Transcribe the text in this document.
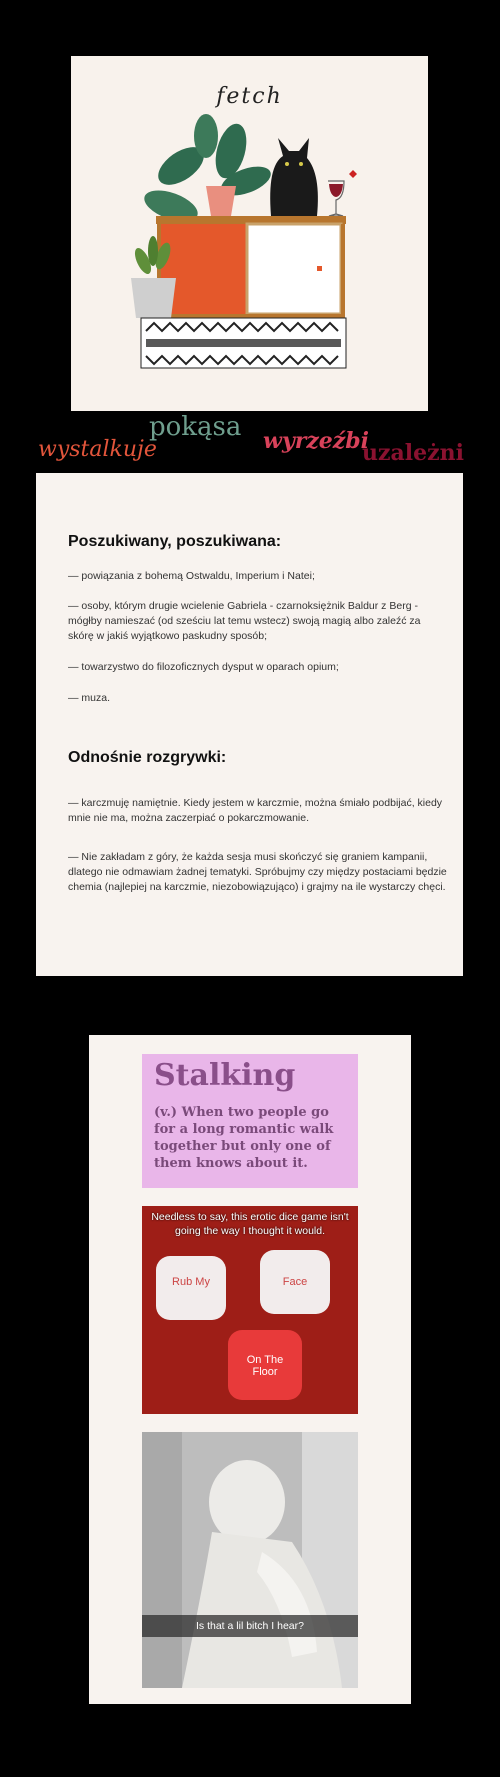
fetch
wystalkuje
pokąsa wyrzeźbi
uzależni
Poszukiwany, poszukiwana:
— powiązania z bohemą Ostwaldu, Imperium i Natei;
— osoby, którym drugie wcielenie Gabriela - czarnoksiężnik Baldur z Berg - mógłby namieszać (od sześciu lat temu wstecz) swoją magią albo zaleźć za skórę w jakiś wyjątkowo paskudny sposób;
— towarzystwo do filozoficznych dysput w oparach opium;
— muza.
Odnośnie rozgrywki:
— karczmuję namiętnie. Kiedy jestem w karczmie, można śmiało podbijać, kiedy mnie nie ma, można zaczerpiać o pokarczmowanie.
— Nie zakładam z góry, że każda sesja musi skończyć się graniem kampanii, dlatego nie odmawiam żadnej tematyki. Spróbujmy czy między postaciami będzie chemia (najlepiej na karczmie, niezobowiązująco) i grajmy na ile wystarczy chęci.
Stalking
(v.) When two people go for a long romantic walk together but only one of them knows about it.
Needless to say, this erotic dice game isn't going the way I thought it would.
Rub My	Face
On The Floor
Is that a lil bitch I hear?
